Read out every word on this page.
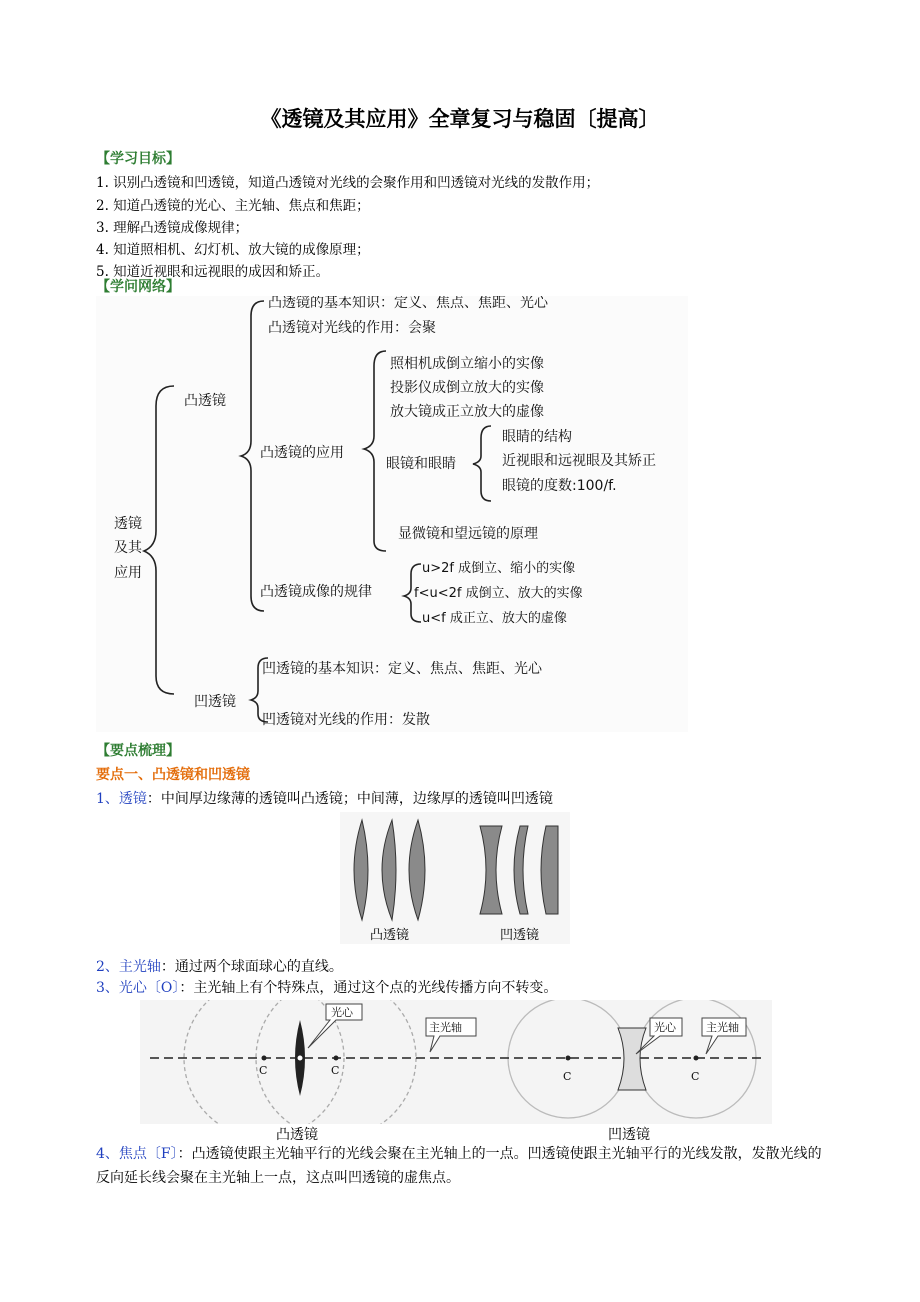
《透镜及其应用》全章复习与稳固〔提高〕
【学习目标】
1. 识别凸透镜和凹透镜，知道凸透镜对光线的会聚作用和凹透镜对光线的发散作用；
2. 知道凸透镜的光心、主光轴、焦点和焦距；
3. 理解凸透镜成像规律；
4. 知道照相机、幻灯机、放大镜的成像原理；
5. 知道近视眼和远视眼的成因和矫正。
【学问网络】
透镜
及其
应用
凸透镜
凹透镜
凸透镜的基本知识：定义、焦点、焦距、光心
凸透镜对光线的作用：会聚
凸透镜的应用
照相机成倒立缩小的实像
投影仪成倒立放大的实像
放大镜成正立放大的虚像
眼镜和眼睛
眼睛的结构
近视眼和远视眼及其矫正
眼镜的度数:100/f.
显微镜和望远镜的原理
凸透镜成像的规律
u>2f 成倒立、缩小的实像
f<u<2f 成倒立、放大的实像
u<f 成正立、放大的虚像
凹透镜的基本知识：定义、焦点、焦距、光心
凹透镜对光线的作用：发散
【要点梳理】
要点一、凸透镜和凹透镜
1、透镜：中间厚边缘薄的透镜叫凸透镜；中间薄，边缘厚的透镜叫凹透镜
凸透镜	凹透镜
2、主光轴：通过两个球面球心的直线。
3、光心〔O〕：主光轴上有个特殊点，通过这个点的光线传播方向不转变。
C	C	C	C
光心
主光轴	光心	主光轴
凸透镜	凹透镜
4、焦点〔F〕：凸透镜使跟主光轴平行的光线会聚在主光轴上的一点。凹透镜使跟主光轴平行的光线发散，发散光线的反向延长线会聚在主光轴上一点，这点叫凹透镜的虚焦点。
